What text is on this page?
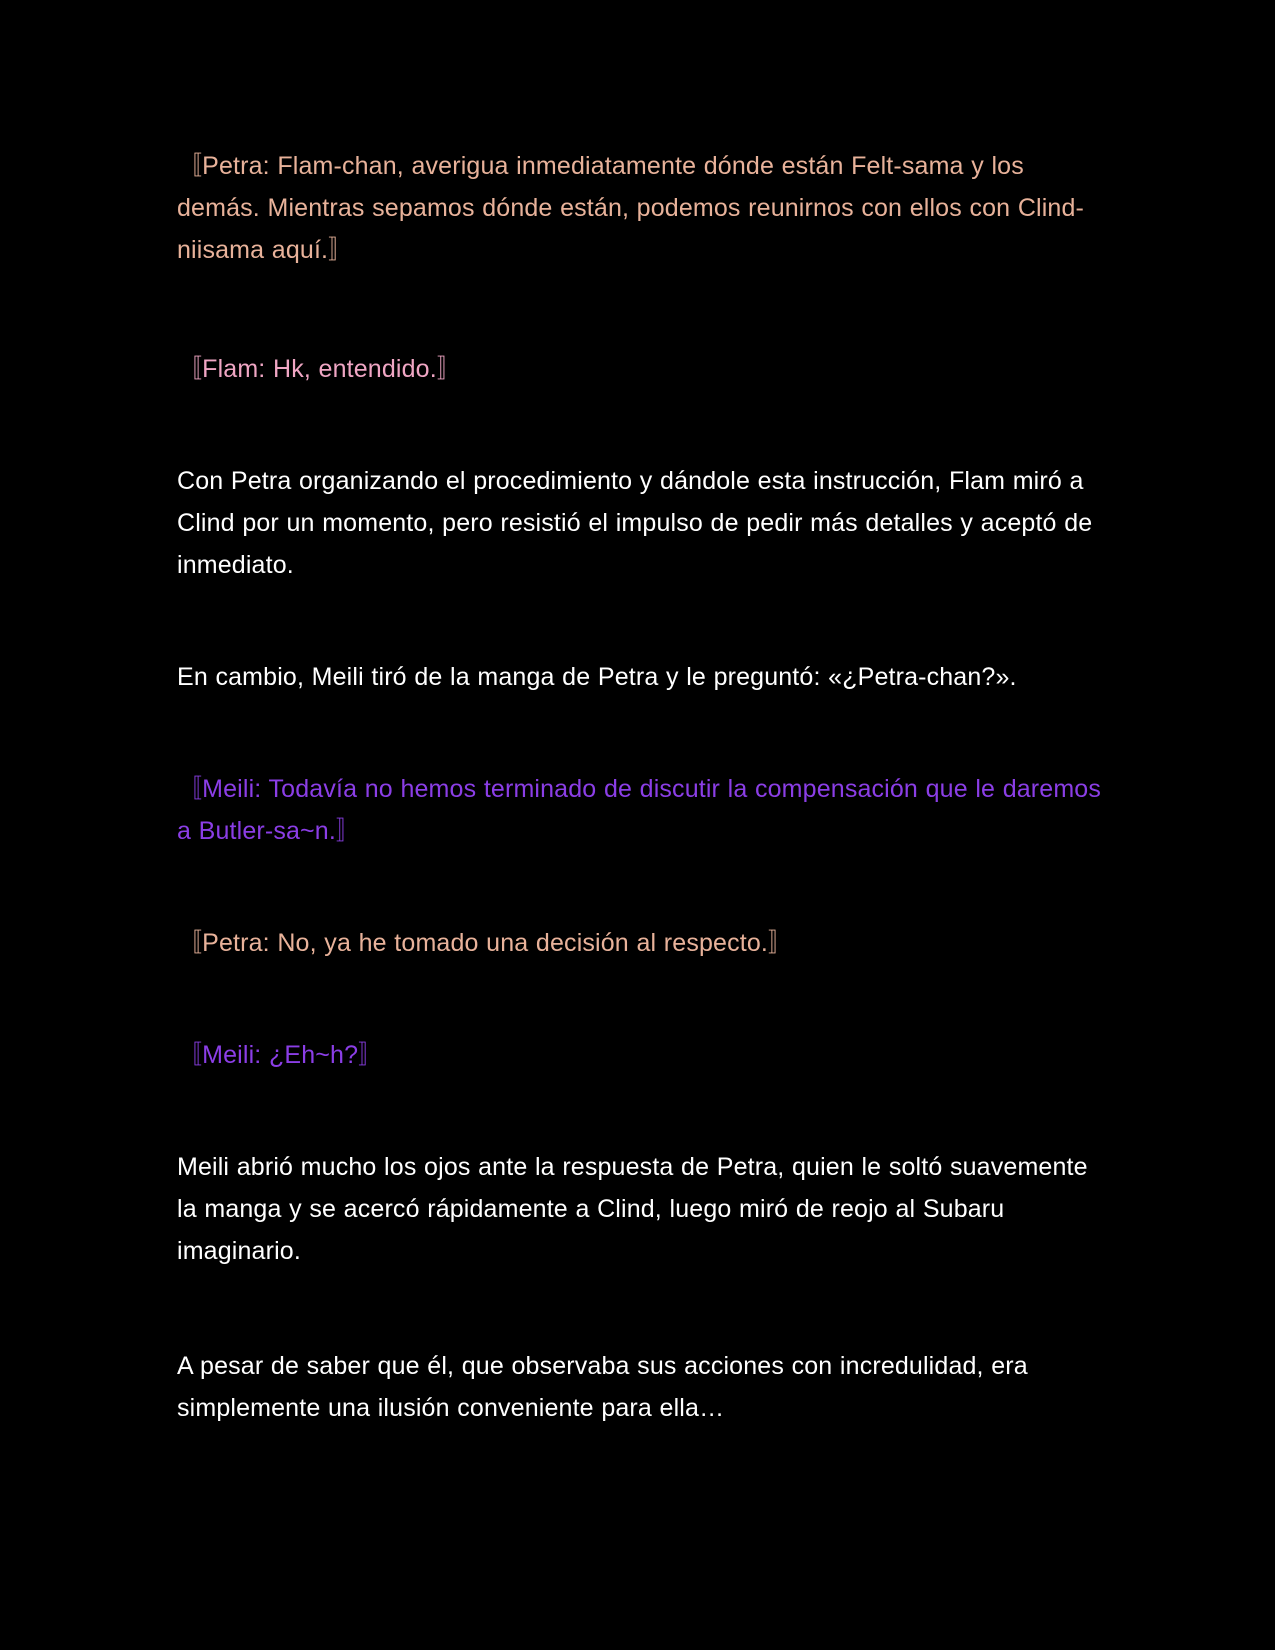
〚Petra: Flam-chan, averigua inmediatamente dónde están Felt-sama y los demás. Mientras sepamos dónde están, podemos reunirnos con ellos con Clind-niisama aquí.〛

〚Flam: Hk, entendido.〛

Con Petra organizando el procedimiento y dándole esta instrucción, Flam miró a Clind por un momento, pero resistió el impulso de pedir más detalles y aceptó de inmediato.

En cambio, Meili tiró de la manga de Petra y le preguntó: «¿Petra-chan?».

〚Meili: Todavía no hemos terminado de discutir la compensación que le daremos a Butler-sa~n.〛

〚Petra: No, ya he tomado una decisión al respecto.〛

〚Meili: ¿Eh~h?〛

Meili abrió mucho los ojos ante la respuesta de Petra, quien le soltó suavemente la manga y se acercó rápidamente a Clind, luego miró de reojo al Subaru imaginario.

A pesar de saber que él, que observaba sus acciones con incredulidad, era simplemente una ilusión conveniente para ella…
